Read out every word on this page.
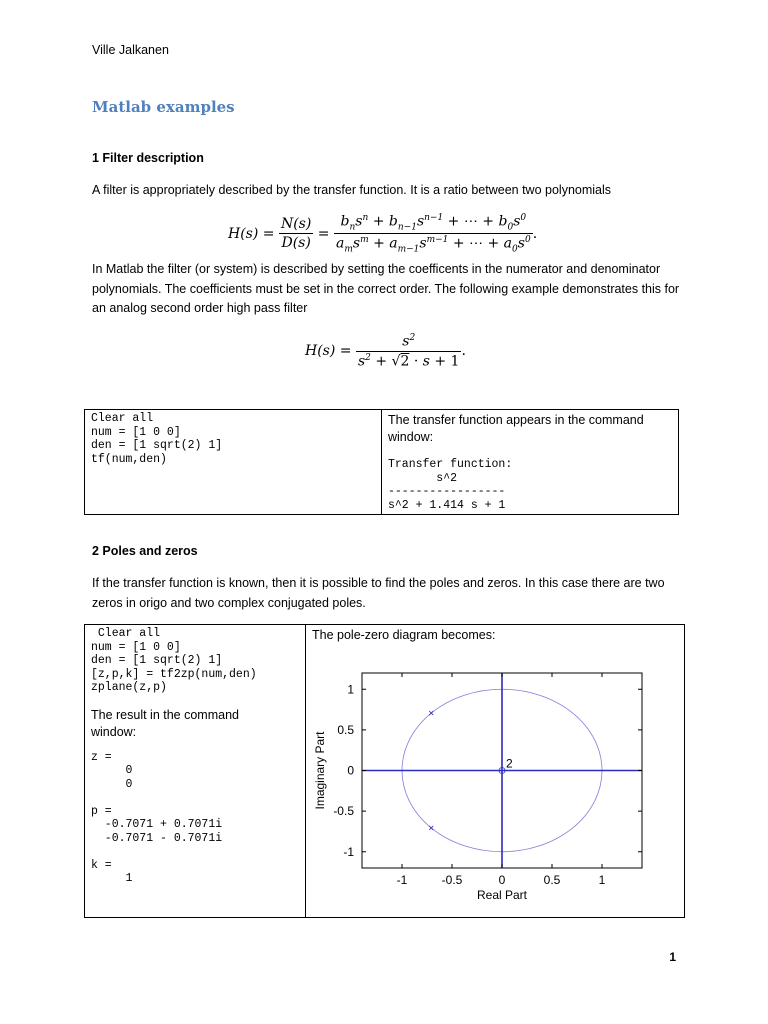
Ville Jalkanen
Matlab examples
1 Filter description
A filter is appropriately described by the transfer function. It is a ratio between two polynomials
$H(s) = \frac{N(s)}{D(s)} = \frac{b_ns^n + b_{n-1}s^{n-1} + \cdots + b_0s^0}{a_ms^m + a_{m-1}s^{m-1} + \cdots + a_0s^0}$ .
In Matlab the filter (or system) is described by setting the coefficents in the numerator and denominator polynomials. The coefficients must be set in the correct order. The following example demonstrates this for an analog second order high pass filter
$H(s) = \frac{s^2}{s^2 + √2 \cdot s + 1}$ .
Clear all
num = [1 0 0]
den = [1 sqrt(2) 1]
tf(num,den)

The transfer function appears in the command window:
Transfer function:
s^2
-----------------
s^2 + 1.414 s + 1
2 Poles and zeros
If the transfer function is known, then it is possible to find the poles and zeros. In this case there are two zeros in origo and two complex conjugated poles.
Clear all
num = [1 0 0]
den = [1 sqrt(2) 1]
[z,p,k] = tf2zp(num,den)
zplane(z,p)
The result in the command window:
z =
0
0

p =
-0.7071 + 0.7071i
-0.7071 - 0.7071i

k =
1

The pole-zero diagram becomes:
-1	-0.5	0	0.5	1
1
0.5
0
-0.5
-1
2
Real Part
Imaginary Part
1
